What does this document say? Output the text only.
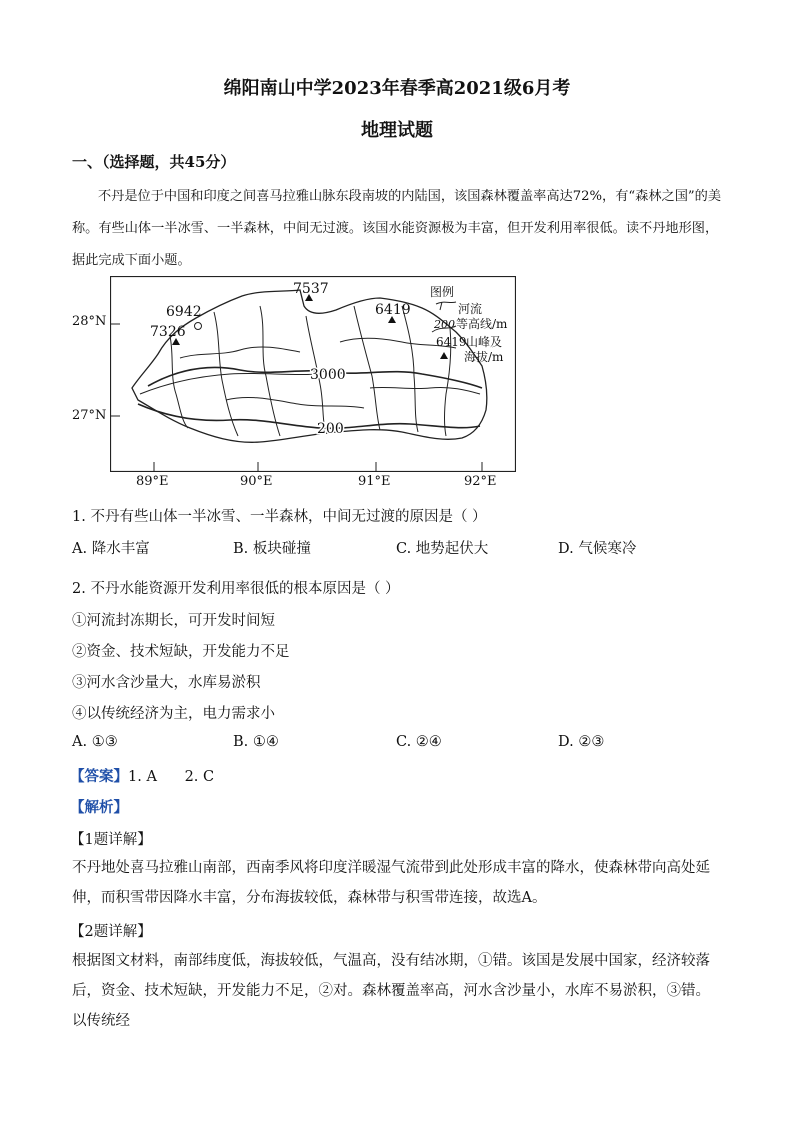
绵阳南山中学2023年春季高2021级6月考
地理试题
一、（选择题，共45分）
不丹是位于中国和印度之间喜马拉雅山脉东段南坡的内陆国，该国森林覆盖率高达72%，有“森林之国”的美称。有些山体一半冰雪、一半森林，中间无过渡。该国水能资源极为丰富，但开发利用率很低。读不丹地形图，据此完成下面小题。
7537
6942
7326
6419
3000
200
图例
河流
200 等高线/m
6419 山峰及
海拔/m
28°N
27°N
89°E	90°E	91°E	92°E
1. 不丹有些山体一半冰雪、一半森林，中间无过渡的原因是（ ）
A. 降水丰富	B. 板块碰撞	C. 地势起伏大	D. 气候寒冷
2. 不丹水能资源开发利用率很低的根本原因是（ ）
①河流封冻期长，可开发时间短
②资金、技术短缺，开发能力不足
③河水含沙量大，水库易淤积
④以传统经济为主，电力需求小
A. ①③	B. ①④	C. ②④	D. ②③
【答案】1. A      2. C
【解析】
【1题详解】
不丹地处喜马拉雅山南部，西南季风将印度洋暖湿气流带到此处形成丰富的降水，使森林带向高处延伸，而积雪带因降水丰富，分布海拔较低，森林带与积雪带连接，故选A。
【2题详解】
根据图文材料，南部纬度低，海拔较低，气温高，没有结冰期，①错。该国是发展中国家，经济较落后，资金、技术短缺，开发能力不足，②对。森林覆盖率高，河水含沙量小，水库不易淤积，③错。以传统经
